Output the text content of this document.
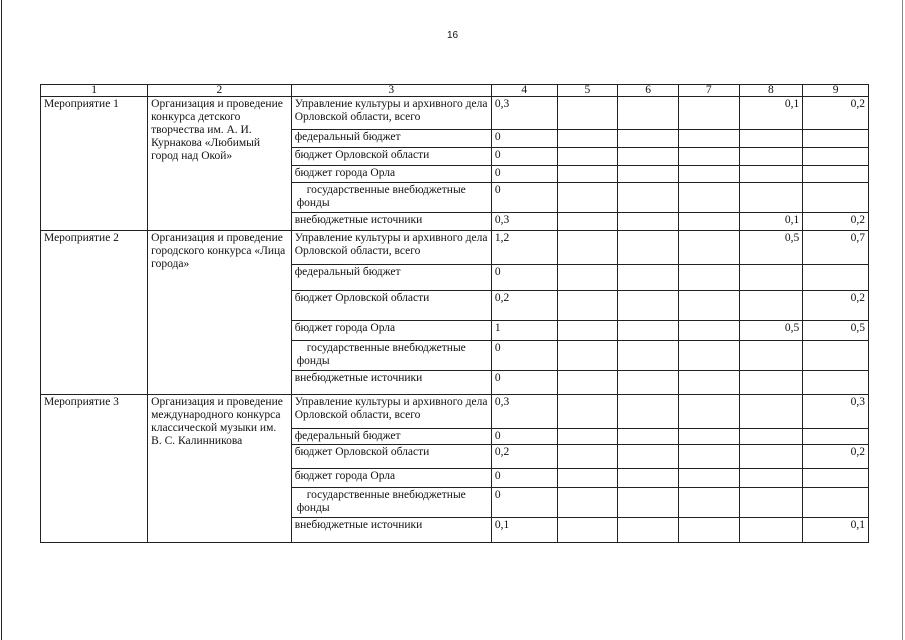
16
1	2	3	4	5	6	7	8	9
Мероприятие 1	Организация и проведение конкурса детского творчества им. А. И. Курнакова «Любимый город над Окой»	Управление культуры и архивного дела Орловской области, всего	0,3				0,1	0,2
		федеральный бюджет	0					
		бюджет Орловской области	0					
		бюджет города Орла	0					
		государственные внебюджетные фонды	0					
		внебюджетные источники	0,3				0,1	0,2
Мероприятие 2	Организация и проведение городского конкурса «Лица города»	Управление культуры и архивного дела Орловской области, всего	1,2				0,5	0,7
		федеральный бюджет	0					
		бюджет Орловской области	0,2					0,2
		бюджет города Орла	1				0,5	0,5
		государственные внебюджетные фонды	0					
		внебюджетные источники	0					
Мероприятие 3	Организация и проведение международного конкурса классической музыки им. В. С. Калинникова	Управление культуры и архивного дела Орловской области, всего	0,3					0,3
		федеральный бюджет	0					
		бюджет Орловской области	0,2					0,2
		бюджет города Орла	0					
		государственные внебюджетные фонды	0					
		внебюджетные источники	0,1					0,1
